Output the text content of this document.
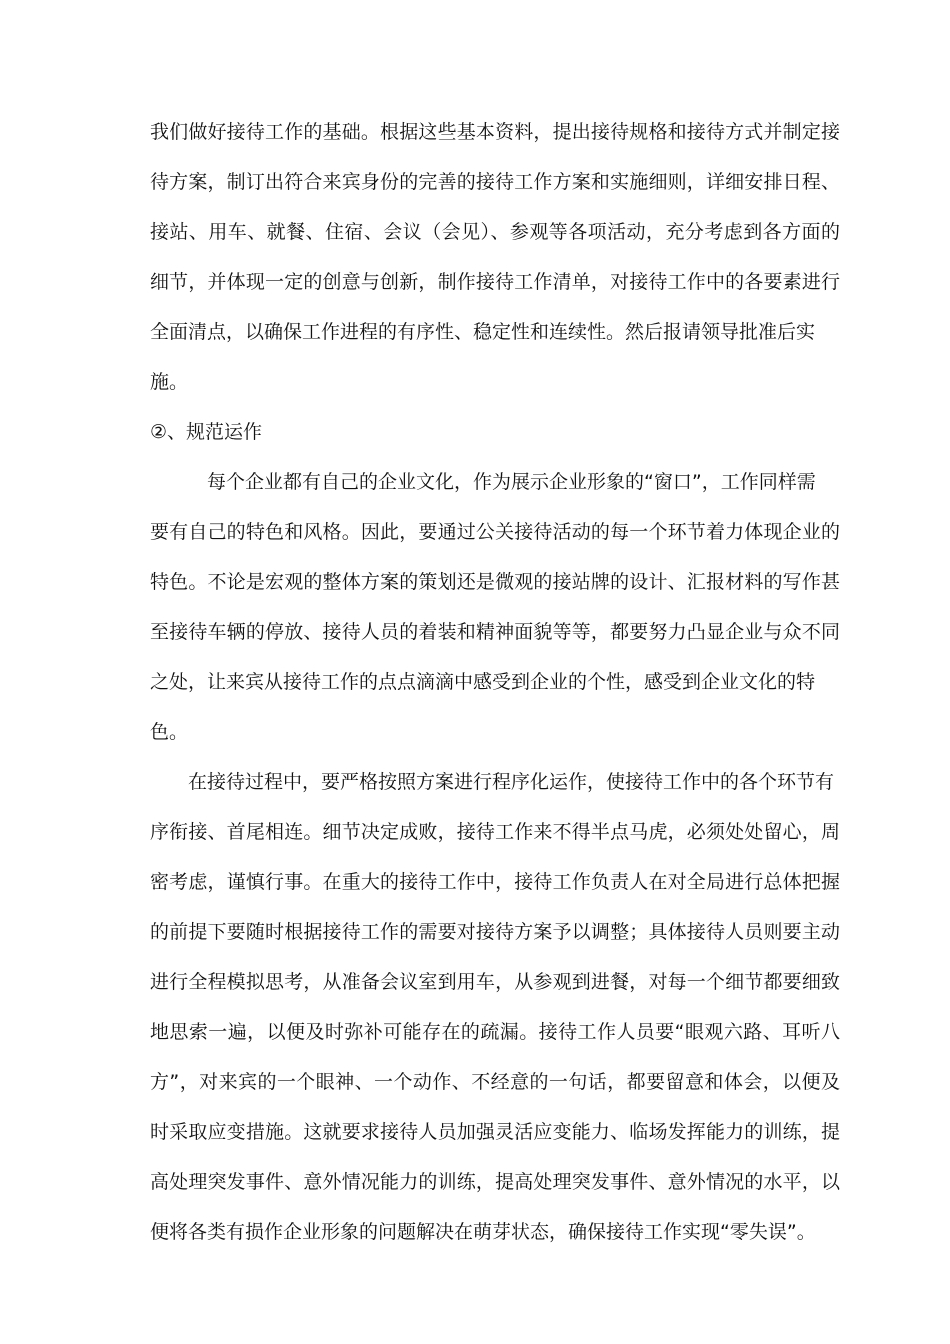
我们做好接待工作的基础。根据这些基本资料，提出接待规格和接待方式并制定接
待方案，制订出符合来宾身份的完善的接待工作方案和实施细则，详细安排日程、
接站、用车、就餐、住宿、会议（会见）、参观等各项活动，充分考虑到各方面的
细节，并体现一定的创意与创新，制作接待工作清单，对接待工作中的各要素进行
全面清点，以确保工作进程的有序性、稳定性和连续性。然后报请领导批准后实
施。
②、规范运作
　每个企业都有自己的企业文化，作为展示企业形象的“窗口”，工作同样需
要有自己的特色和风格。因此，要通过公关接待活动的每一个环节着力体现企业的
特色。不论是宏观的整体方案的策划还是微观的接站牌的设计、汇报材料的写作甚
至接待车辆的停放、接待人员的着装和精神面貌等等，都要努力凸显企业与众不同
之处，让来宾从接待工作的点点滴滴中感受到企业的个性，感受到企业文化的特
色。
在接待过程中，要严格按照方案进行程序化运作，使接待工作中的各个环节有
序衔接、首尾相连。细节决定成败，接待工作来不得半点马虎，必须处处留心，周
密考虑，谨慎行事。在重大的接待工作中，接待工作负责人在对全局进行总体把握
的前提下要随时根据接待工作的需要对接待方案予以调整；具体接待人员则要主动
进行全程模拟思考，从准备会议室到用车，从参观到进餐，对每一个细节都要细致
地思索一遍，以便及时弥补可能存在的疏漏。接待工作人员要“眼观六路、耳听八
方”，对来宾的一个眼神、一个动作、不经意的一句话，都要留意和体会，以便及
时采取应变措施。这就要求接待人员加强灵活应变能力、临场发挥能力的训练，提
高处理突发事件、意外情况能力的训练，提高处理突发事件、意外情况的水平，以
便将各类有损作企业形象的问题解决在萌芽状态，确保接待工作实现“零失误”。
